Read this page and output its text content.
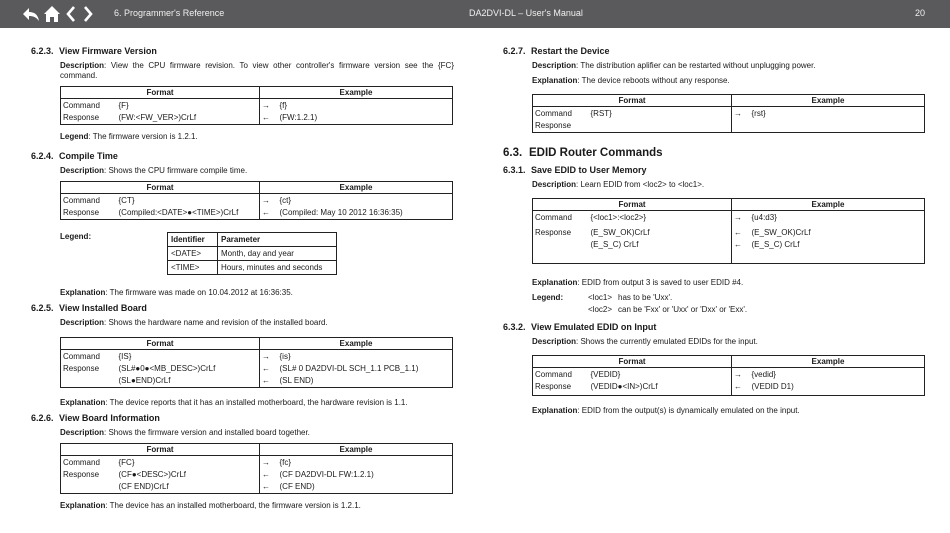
6. Programmer's Reference	DA2DVI-DL – User's Manual	20
6.2.3. View Firmware Version

Description: View the CPU firmware revision. To view other controller's firmware version see the {FC} command.

Format		Example	
Command	{F}	→	{f}
Response	(FW:<FW_VER>)CrLf	←	(FW:1.2.1)

Legend: The firmware version is 1.2.1.

6.2.4. Compile Time

Description: Shows the CPU firmware compile time.

Format		Example	
Command	{CT}	→	{ct}
Response	(Compiled:<DATE>●<TIME>)CrLf	←	(Compiled: May 10 2012 16:36:35)
Legend:	Identifier	Parameter
<DATE>	Month, day and year
<TIME>	Hours, minutes and seconds

Explanation: The firmware was made on 10.04.2012 at 16:36:35.

6.2.5. View Installed Board

Description: Shows the hardware name and revision of the installed board.

Format		Example	
Command	{IS}	→	{is}
Response	(SL#●0●<MB_DESC>)CrLf	←	(SL# 0 DA2DVI-DL SCH_1.1 PCB_1.1)
	(SL●END)CrLf	←	(SL END)

Explanation: The device reports that it has an installed motherboard, the hardware revision is 1.1.

6.2.6. View Board Information

Description: Shows the firmware version and installed board together.

Format		Example	
Command	{FC}	→	{fc}
Response	(CF●<DESC>)CrLf	←	(CF DA2DVI-DL FW:1.2.1)
	(CF END)CrLf	←	(CF END)

Explanation: The device has an installed motherboard, the firmware version is 1.2.1.

6.2.7. Restart the Device

Description: The distribution aplifier can be restarted without unplugging power.

Explanation: The device reboots without any response.

Format		Example	
Command	{RST}	→	{rst}
Response			
6.3. EDID Router Commands
6.3.1. Save EDID to User Memory

Description: Learn EDID from <loc2> to <loc1>.

Format		Example	
Command	{<loc1>:<loc2>}	→	{u4:d3}
Response	(E_SW_OK)CrLf	←	(E_SW_OK)CrLf
	(E_S_C) CrLf	←	(E_S_C) CrLf

Explanation: EDID from output 3 is saved to user EDID #4.

Legend:	<loc1> has to be 'Uxx'.
<loc2> can be 'Fxx' or 'Uxx' or 'Dxx' or 'Exx'.
6.3.2. View Emulated EDID on Input

Description: Shows the currently emulated EDIDs for the input.

Format		Example	
Command	{VEDID}	→	{vedid}
Response	(VEDID●<IN>)CrLf	←	(VEDID D1)

Explanation: EDID from the output(s) is dynamically emulated on the input.
